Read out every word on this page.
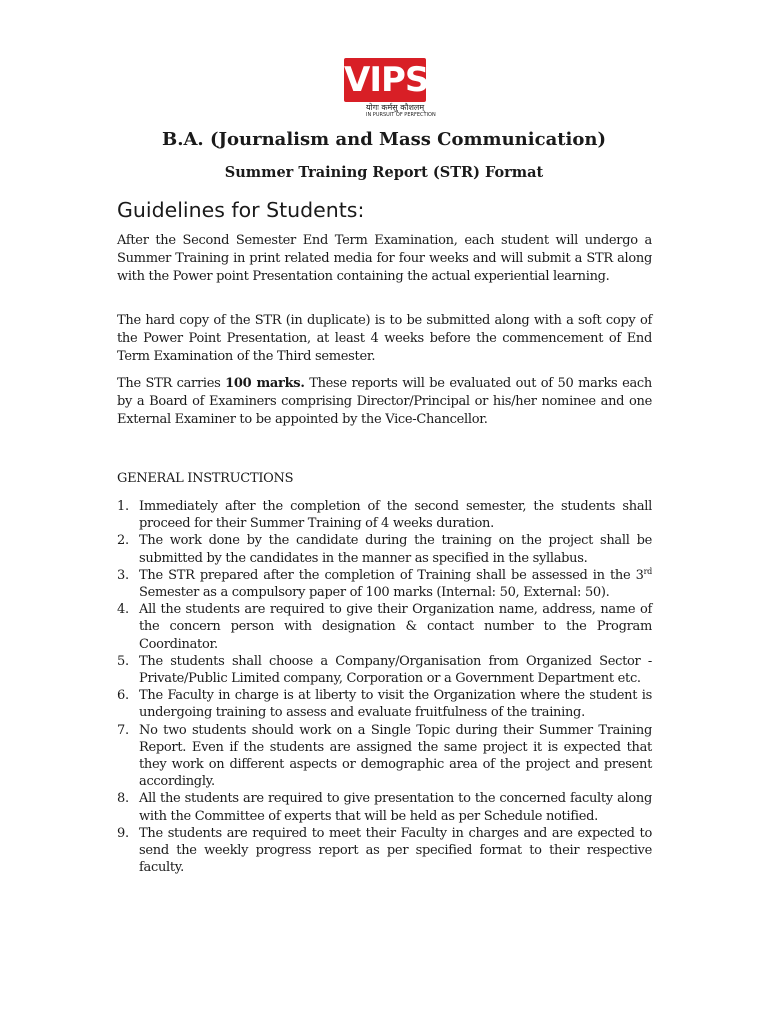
VIPS
योगः कर्मसु कौशलम्
IN PURSUIT OF PERFECTION
B.A. (Journalism and Mass Communication)
Summer Training Report (STR) Format
Guidelines for Students:

After the Second Semester End Term Examination, each student will undergo a Summer Training in print related media for four weeks and will submit a STR along with the Power point Presentation containing the actual experiential learning.

The hard copy of the STR (in duplicate) is to be submitted along with a soft copy of the Power Point Presentation, at least 4 weeks before the commencement of End Term Examination of the Third semester.

The STR carries 100 marks. These reports will be evaluated out of 50 marks each by a Board of Examiners comprising Director/Principal or his/her nominee and one External Examiner to be appointed by the Vice-Chancellor.

GENERAL INSTRUCTIONS
1. Immediately after the completion of the second semester, the students shall proceed for their Summer Training of 4 weeks duration.
2. The work done by the candidate during the training on the project shall be submitted by the candidates in the manner as specified in the syllabus.
3. The STR prepared after the completion of Training shall be assessed in the 3rd Semester as a compulsory paper of 100 marks (Internal: 50, External: 50).
4. All the students are required to give their Organization name, address, name of the concern person with designation & contact number to the Program Coordinator.
5. The students shall choose a Company/Organisation from Organized Sector - Private/Public Limited company, Corporation or a Government Department etc.
6. The Faculty in charge is at liberty to visit the Organization where the student is undergoing training to assess and evaluate fruitfulness of the training.
7. No two students should work on a Single Topic during their Summer Training Report. Even if the students are assigned the same project it is expected that they work on different aspects or demographic area of the project and present accordingly.
8. All the students are required to give presentation to the concerned faculty along with the Committee of experts that will be held as per Schedule notified.
9. The students are required to meet their Faculty in charges and are expected to send the weekly progress report as per specified format to their respective faculty.
